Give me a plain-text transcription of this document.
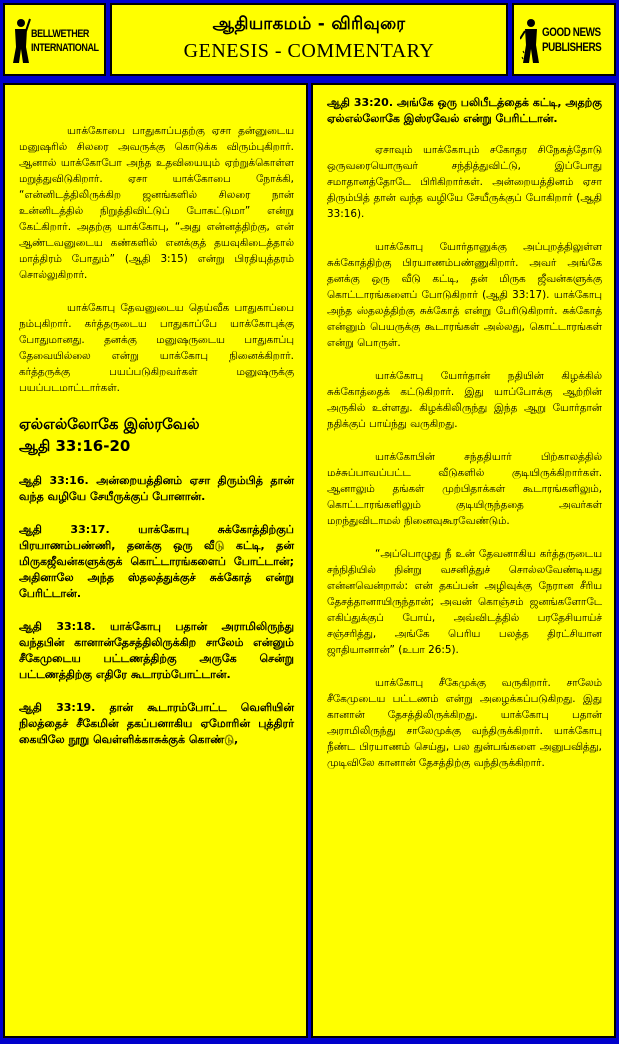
BELLWETHER
INTERNATIONAL
ஆதியாகமம் - விரிவுரை
GENESIS - COMMENTARY
GOOD NEWS
PUBLISHERS

யாக்கோபை பாதுகாப்பதற்கு ஏசா தன்னுடைய மனுஷரில் சிலரை அவருக்கு கொடுக்க விரும்புகிறார். ஆனால் யாக்கோபோ அந்த உதவியையும் ஏற்றுக்கொள்ள மறுத்துவிடுகிறார். ஏசா யாக்கோபை நோக்கி, “என்னிடத்திலிருக்கிற ஜனங்களில் சிலரை நான் உன்னிடத்தில் நிறுத்திவிட்டுப் போகட்டுமா” என்று கேட்கிறார். அதற்கு யாக்கோபு, “அது என்னத்திற்கு, என் ஆண்டவனுடைய கண்களில் எனக்குத் தயவுகிடைத்தால் மாத்திரம் போதும்” (ஆதி 3:15) என்று பிரதியுத்தரம் சொல்லுகிறார்.

யாக்கோபு தேவனுடைய தெய்வீக பாதுகாப்பை நம்புகிறார். கர்த்தருடைய பாதுகாப்பே யாக்கோபுக்கு போதுமானது. தனக்கு மனுஷருடைய பாதுகாப்பு தேவையில்லை என்று யாக்கோபு நினைக்கிறார். கர்த்தருக்கு பயப்படுகிறவர்கள் மனுஷருக்கு பயப்படமாட்டார்கள்.

ஏல்எல்லோகே இஸ்ரவேல்
ஆதி 33:16-20

ஆதி 33:16. அன்றையத்தினம் ஏசா திரும்பித் தான் வந்த வழியே சேயீருக்குப் போனான்.

ஆதி 33:17. யாக்கோபு சுக்கோத்திற்குப் பிரயாணம்பண்ணி, தனக்கு ஒரு வீடு கட்டி, தன் மிருகஜீவன்களுக்குக் கொட்டாரங்களைப் போட்டான்; அதினாலே அந்த ஸ்தலத்துக்குச் சுக்கோத் என்று பேரிட்டான்.

ஆதி 33:18. யாக்கோபு பதான் அராமிலிருந்து வந்தபின் கானான்தேசத்திலிருக்கிற சாலேம் என்னும் சீகேமுடைய பட்டணத்திற்கு அருகே சென்று பட்டணத்திற்கு எதிரே கூடாரம்போட்டான்.

ஆதி 33:19. தான் கூடாரம்போட்ட வெளியின் நிலத்தைச் சீகேமின் தகப்பனாகிய ஏமோரின் புத்திரர் கையிலே நூறு வெள்ளிக்காசுக்குக் கொண்டு,

ஆதி 33:20. அங்கே ஒரு பலிபீடத்தைக் கட்டி, அதற்கு ஏல்எல்லோகே இஸ்ரவேல் என்று பேரிட்டான்.

ஏசாவும் யாக்கோபும் சகோதர சிநேகத்தோடு ஒருவரையொருவர் சந்தித்துவிட்டு, இப்போது சமாதானத்தோடே பிரிகிறார்கள். அன்றையத்தினம் ஏசா திரும்பித் தான் வந்த வழியே சேயீருக்குப் போகிறார் (ஆதி 33:16).

யாக்கோபு யோர்தானுக்கு அப்புறத்திலுள்ள சுக்கோத்திற்கு பிரயாணம்பண்ணுகிறார். அவர் அங்கே தனக்கு ஒரு வீடு கட்டி, தன் மிருக ஜீவன்களுக்கு கொட்டாரங்களைப் போடுகிறார் (ஆதி 33:17). யாக்கோபு அந்த ஸ்தலத்திற்கு சுக்கோத் என்று பேரிடுகிறார். சுக்கோத் என்னும் பெயருக்கு கூடாரங்கள் அல்லது, கொட்டாரங்கள் என்று பொருள்.

யாக்கோபு யோர்தான் நதியின் கிழக்கில் சுக்கோத்தைக் கட்டுகிறார். இது யாப்போக்கு ஆற்றின் அருகில் உள்ளது. கிழக்கிலிருந்து இந்த ஆறு யோர்தான் நதிக்குப் பாய்ந்து வருகிறது.

யாக்கோபின் சந்ததியார் பிற்காலத்தில் மச்சுப்பாவப்பட்ட வீடுகளில் குடியிருக்கிறார்கள். ஆனாலும் தங்கள் முற்பிதாக்கள் கூடாரங்களிலும், கொட்டாரங்களிலும் குடியிருந்ததை அவர்கள் மறந்துவிடாமல் நினைவுகூரவேண்டும்.

“அப்பொழுது நீ உன் தேவனாகிய கர்த்தருடைய சந்நிதியில் நின்று வசனித்துச் சொல்லவேண்டியது என்னவென்றால்: என் தகப்பன் அழிவுக்கு நேரான சீரிய தேசத்தானாயிருந்தான்; அவன் கொஞ்சம் ஜனங்களோடே எகிப்துக்குப் போய், அவ்விடத்தில் பரதேசியாய்ச் சஞ்சரித்து, அங்கே பெரிய பலத்த திரட்சியான ஜாதியானான்” (உபா 26:5).

யாக்கோபு சீகேமுக்கு வருகிறார். சாலேம் சீகேமுடைய பட்டணம் என்று அழைக்கப்படுகிறது. இது கானான் தேசத்திலிருக்கிறது. யாக்கோபு பதான் அராமிலிருந்து சாலேமுக்கு வந்திருக்கிறார். யாக்கோபு நீண்ட பிரயாணம் செய்து, பல துன்பங்களை அனுபவித்து, முடிவிலே கானான் தேசத்திற்கு வந்திருக்கிறார்.
